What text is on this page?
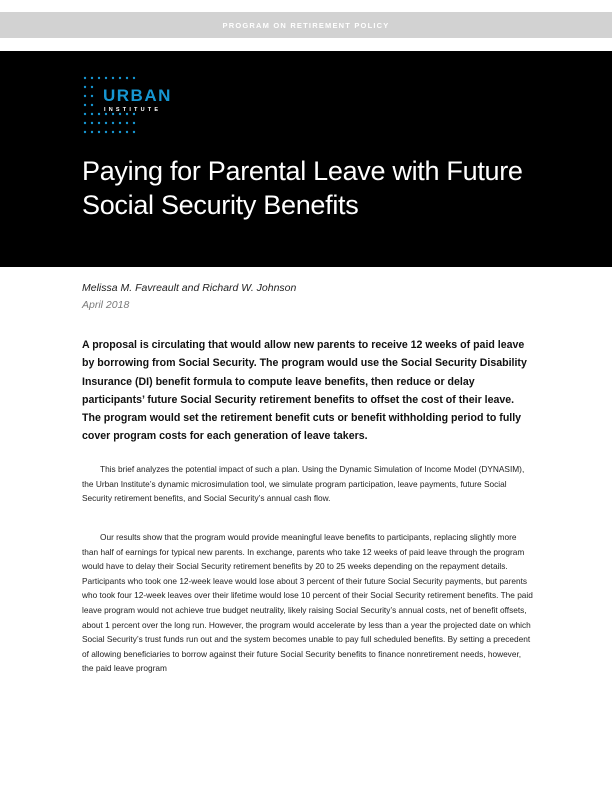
PROGRAM ON RETIREMENT POLICY
URBAN
INSTITUTE
Paying for Parental Leave with Future Social Security Benefits
Melissa M. Favreault and Richard W. Johnson
April 2018
A proposal is circulating that would allow new parents to receive 12 weeks of paid leave by borrowing from Social Security. The program would use the Social Security Disability Insurance (DI) benefit formula to compute leave benefits, then reduce or delay participants’ future Social Security retirement benefits to offset the cost of their leave. The program would set the retirement benefit cuts or benefit withholding period to fully cover program costs for each generation of leave takers.
This brief analyzes the potential impact of such a plan. Using the Dynamic Simulation of Income Model (DYNASIM), the Urban Institute’s dynamic microsimulation tool, we simulate program participation, leave payments, future Social Security retirement benefits, and Social Security’s annual cash flow.
Our results show that the program would provide meaningful leave benefits to participants, replacing slightly more than half of earnings for typical new parents. In exchange, parents who take 12 weeks of paid leave through the program would have to delay their Social Security retirement benefits by 20 to 25 weeks depending on the repayment details. Participants who took one 12-week leave would lose about 3 percent of their future Social Security payments, but parents who took four 12-week leaves over their lifetime would lose 10 percent of their Social Security retirement benefits. The paid leave program would not achieve true budget neutrality, likely raising Social Security’s annual costs, net of benefit offsets, about 1 percent over the long run. However, the program would accelerate by less than a year the projected date on which Social Security’s trust funds run out and the system becomes unable to pay full scheduled benefits. By setting a precedent of allowing beneficiaries to borrow against their future Social Security benefits to finance nonretirement needs, however, the paid leave program
